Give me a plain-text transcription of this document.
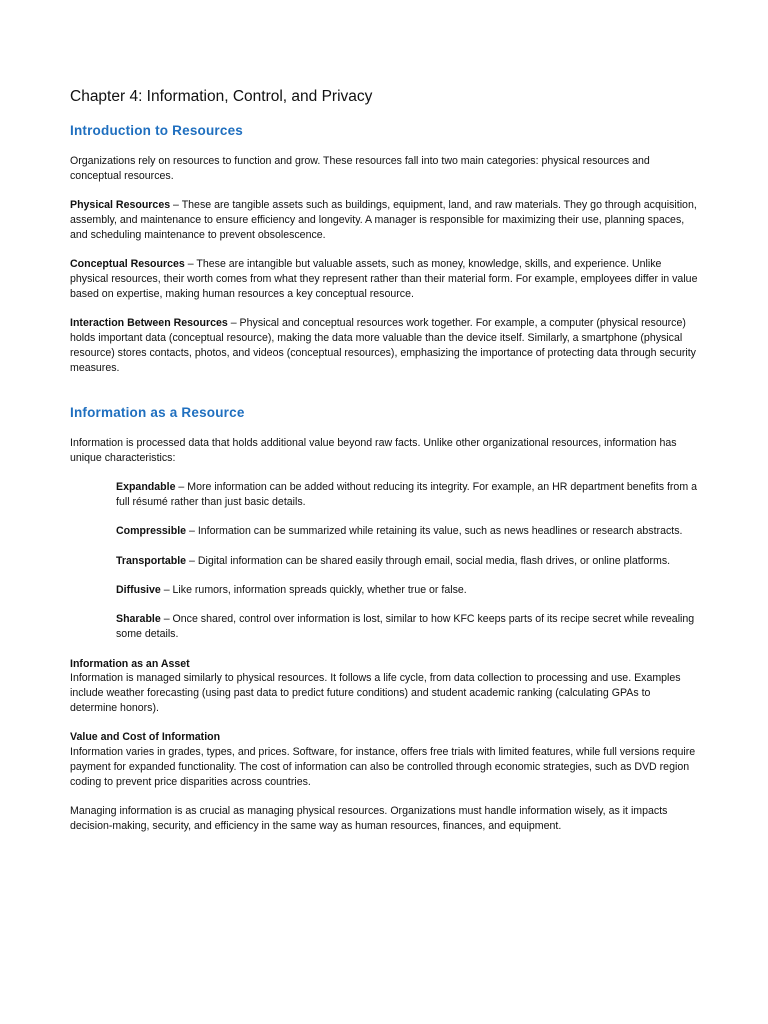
Chapter 4: Information, Control, and Privacy
Introduction to Resources

Organizations rely on resources to function and grow. These resources fall into two main categories: physical resources and conceptual resources.

Physical Resources – These are tangible assets such as buildings, equipment, land, and raw materials. They go through acquisition, assembly, and maintenance to ensure efficiency and longevity. A manager is responsible for maximizing their use, planning spaces, and scheduling maintenance to prevent obsolescence.

Conceptual Resources – These are intangible but valuable assets, such as money, knowledge, skills, and experience. Unlike physical resources, their worth comes from what they represent rather than their material form. For example, employees differ in value based on expertise, making human resources a key conceptual resource.

Interaction Between Resources – Physical and conceptual resources work together. For example, a computer (physical resource) holds important data (conceptual resource), making the data more valuable than the device itself. Similarly, a smartphone (physical resource) stores contacts, photos, and videos (conceptual resources), emphasizing the importance of protecting data through security measures.

Information as a Resource

Information is processed data that holds additional value beyond raw facts. Unlike other organizational resources, information has unique characteristics:

Expandable – More information can be added without reducing its integrity. For example, an HR department benefits from a full résumé rather than just basic details.

Compressible – Information can be summarized while retaining its value, such as news headlines or research abstracts.

Transportable – Digital information can be shared easily through email, social media, flash drives, or online platforms.

Diffusive – Like rumors, information spreads quickly, whether true or false.

Sharable – Once shared, control over information is lost, similar to how KFC keeps parts of its recipe secret while revealing some details.

Information as an Asset

Information is managed similarly to physical resources. It follows a life cycle, from data collection to processing and use. Examples include weather forecasting (using past data to predict future conditions) and student academic ranking (calculating GPAs to determine honors).

Value and Cost of Information

Information varies in grades, types, and prices. Software, for instance, offers free trials with limited features, while full versions require payment for expanded functionality. The cost of information can also be controlled through economic strategies, such as DVD region coding to prevent price disparities across countries.

Managing information is as crucial as managing physical resources. Organizations must handle information wisely, as it impacts decision-making, security, and efficiency in the same way as human resources, finances, and equipment.
